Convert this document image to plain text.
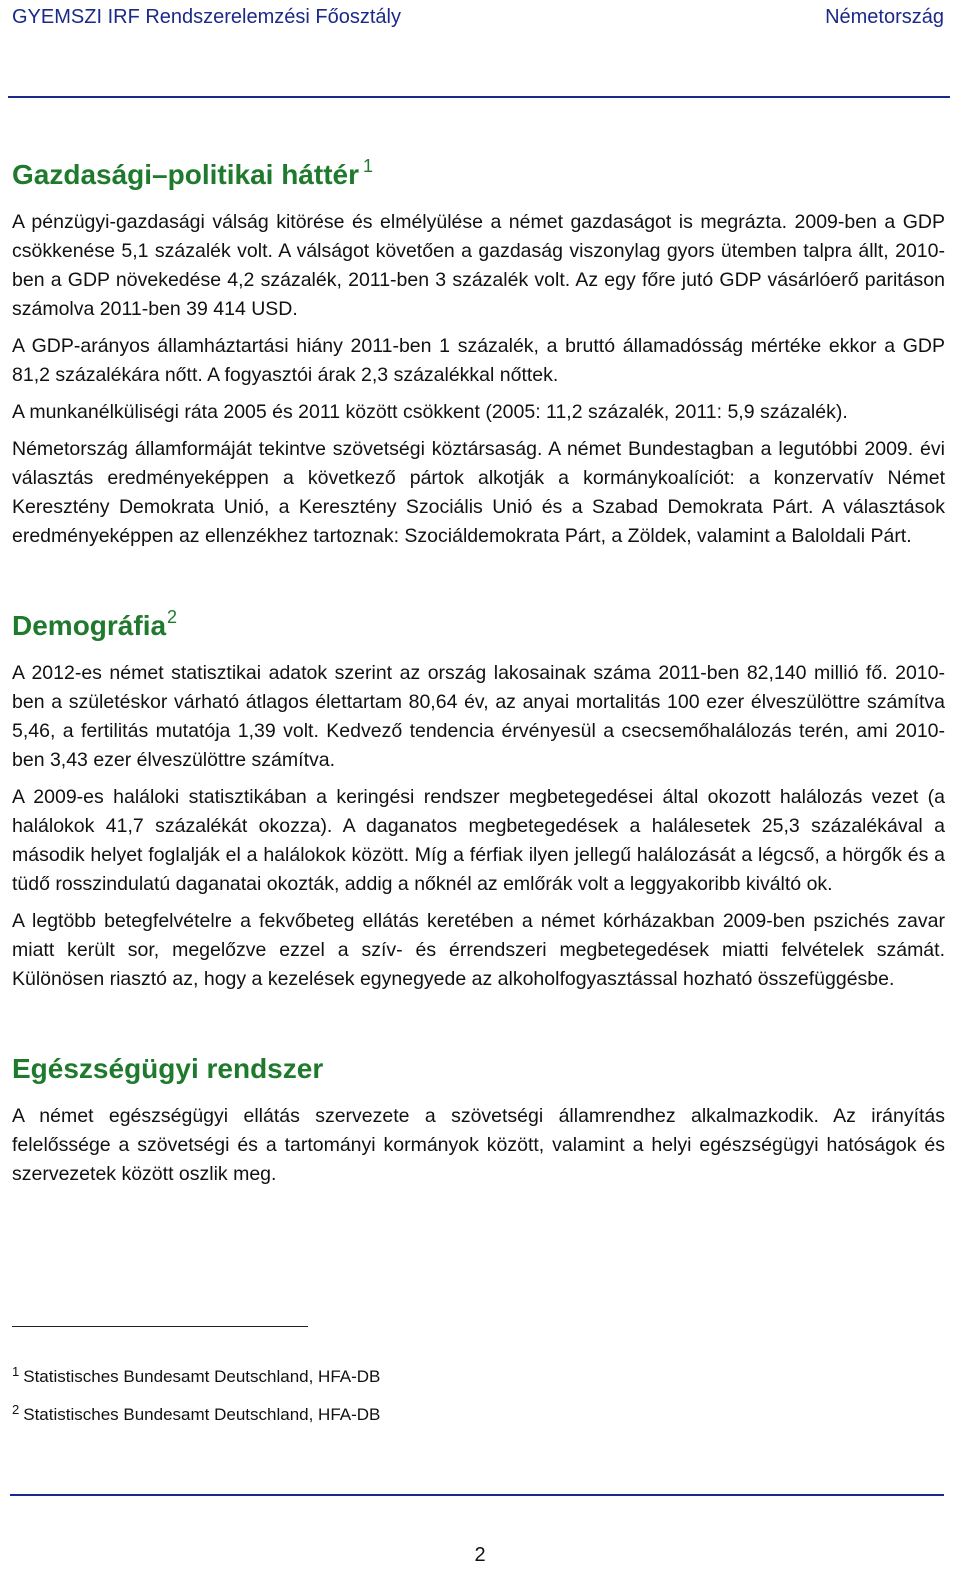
GYEMSZI IRF Rendszerelemzési Főosztály	Németország
Gazdasági–politikai háttér $^1$

A pénzügyi-gazdasági válság kitörése és elmélyülése a német gazdaságot is megrázta. 2009-ben a GDP csökkenése 5,1 százalék volt. A válságot követően a gazdaság viszonylag gyors ütemben talpra állt, 2010- ben a GDP növekedése 4,2 százalék, 2011-ben 3 százalék volt. Az egy főre jutó GDP vásárlóerő paritáson számolva 2011-ben 39 414 USD.

A GDP-arányos államháztartási hiány 2011-ben 1 százalék, a bruttó államadósság mértéke ekkor a GDP 81,2 százalékára nőtt. A fogyasztói árak 2,3 százalékkal nőttek.

A munkanélküliségi ráta 2005 és 2011 között csökkent (2005: 11,2 százalék, 2011: 5,9 százalék).

Németország államformáját tekintve szövetségi köztársaság. A német Bundestagban a legutóbbi 2009. évi választás eredményeképpen a következő pártok alkotják a kormánykoalíciót: a konzervatív Német Keresztény Demokrata Unió, a Keresztény Szociális Unió és a Szabad Demokrata Párt. A választások eredményeképpen az ellenzékhez tartoznak: Szociáldemokrata Párt, a Zöldek, valamint a Baloldali Párt.

Demográfia$^2$

A 2012-es német statisztikai adatok szerint az ország lakosainak száma 2011-ben 82,140 millió fő. 2010-ben a születéskor várható átlagos élettartam 80,64 év, az anyai mortalitás 100 ezer élveszülöttre számítva 5,46, a fertilitás mutatója 1,39 volt. Kedvező tendencia érvényesül a csecsemőhalálozás terén, ami 2010-ben 3,43 ezer élveszülöttre számítva.

A 2009-es haláloki statisztikában a keringési rendszer megbetegedései által okozott halálozás vezet (a halálokok 41,7 százalékát okozza). A daganatos megbetegedések a halálesetek 25,3 százalékával a második helyet foglalják el a halálokok között. Míg a férfiak ilyen jellegű halálozását a légcső, a hörgők és a tüdő rosszindulatú daganatai okozták, addig a nőknél az emlőrák volt a leggyakoribb kiváltó ok.

A legtöbb betegfelvételre a fekvőbeteg ellátás keretében a német kórházakban 2009-ben pszichés zavar miatt került sor, megelőzve ezzel a szív- és érrendszeri megbetegedések miatti felvételek számát. Különösen riasztó az, hogy a kezelések egynegyede az alkoholfogyasztással hozható összefüggésbe.

Egészségügyi rendszer

A német egészségügyi ellátás szervezete a szövetségi államrendhez alkalmazkodik. Az irányítás felelőssége a szövetségi és a tartományi kormányok között, valamint a helyi egészségügyi hatóságok és szervezetek között oszlik meg.

$^1$ Statistisches Bundesamt Deutschland, HFA-DB
$^2$ Statistisches Bundesamt Deutschland, HFA-DB
2
